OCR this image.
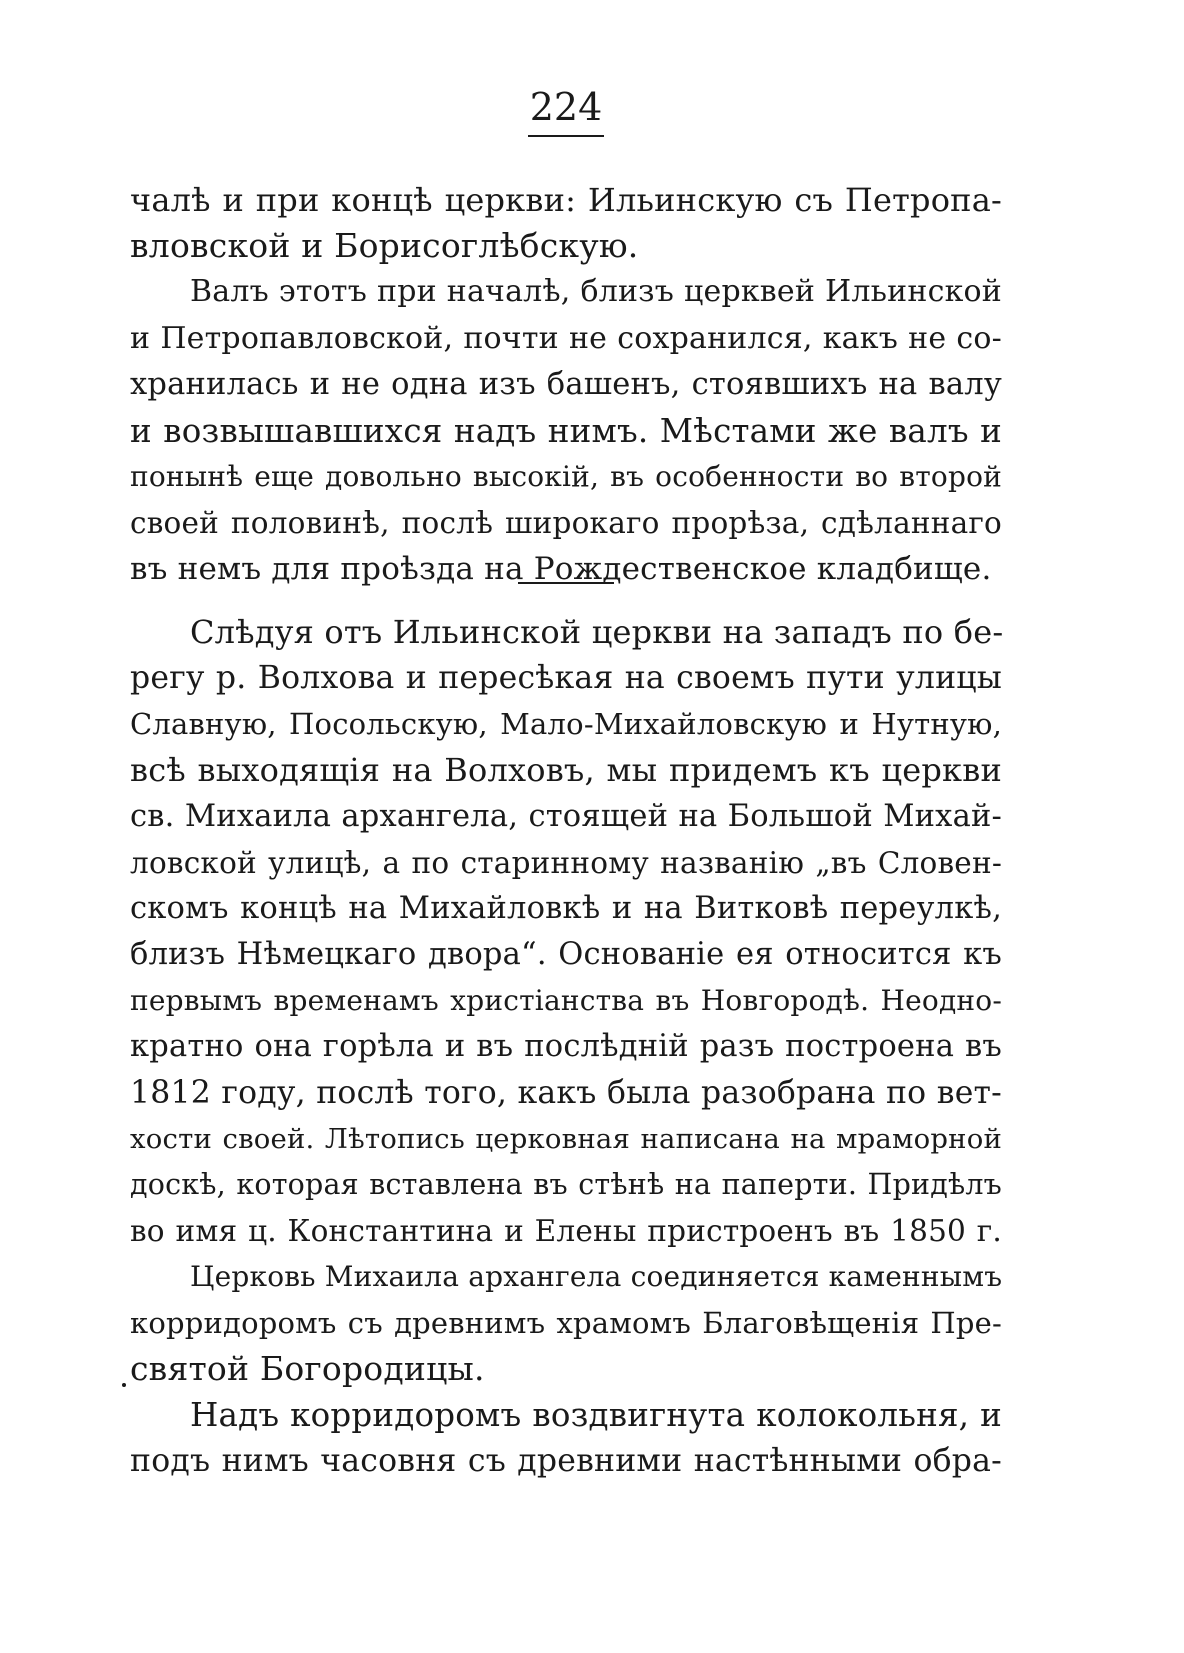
224
чалѣ и при концѣ церкви: Ильинскую съ Петропа-
вловской и Борисоглѣбскую.
Валъ этотъ при началѣ, близъ церквей Ильинской
и Петропавловской, почти не сохранился, какъ не со-
хранилась и не одна изъ башенъ, стоявшихъ на валу
и возвышавшихся надъ нимъ. Мѣстами же валъ и
понынѣ еще довольно высокій, въ особенности во второй
своей половинѣ, послѣ широкаго прорѣза, сдѣланнаго
въ немъ для проѣзда на Рождественское кладбище.
Слѣдуя отъ Ильинской церкви на западъ по бе-
регу р. Волхова и пересѣкая на своемъ пути улицы
Славную, Посольскую, Мало-Михайловскую и Нутную,
всѣ выходящія на Волховъ, мы придемъ къ церкви
св. Михаила архангела, стоящей на Большой Михай-
ловской улицѣ, а по старинному названію „въ Словен-
скомъ концѣ на Михайловкѣ и на Витковѣ переулкѣ,
близъ Нѣмецкаго двора“. Основаніе ея относится къ
первымъ временамъ христіанства въ Новгородѣ. Неодно-
кратно она горѣла и въ послѣдній разъ построена въ
1812 году, послѣ того, какъ была разобрана по вет-
хости своей. Лѣтопись церковная написана на мраморной
доскѣ, которая вставлена въ стѣнѣ на паперти. Придѣлъ
во имя ц. Константина и Елены пристроенъ въ 1850 г.
Церковь Михаила архангела соединяется каменнымъ
корридоромъ съ древнимъ храмомъ Благовѣщенія Пре-
святой Богородицы.
Надъ корридоромъ воздвигнута колокольня, и
подъ нимъ часовня съ древними настѣнными обра-
